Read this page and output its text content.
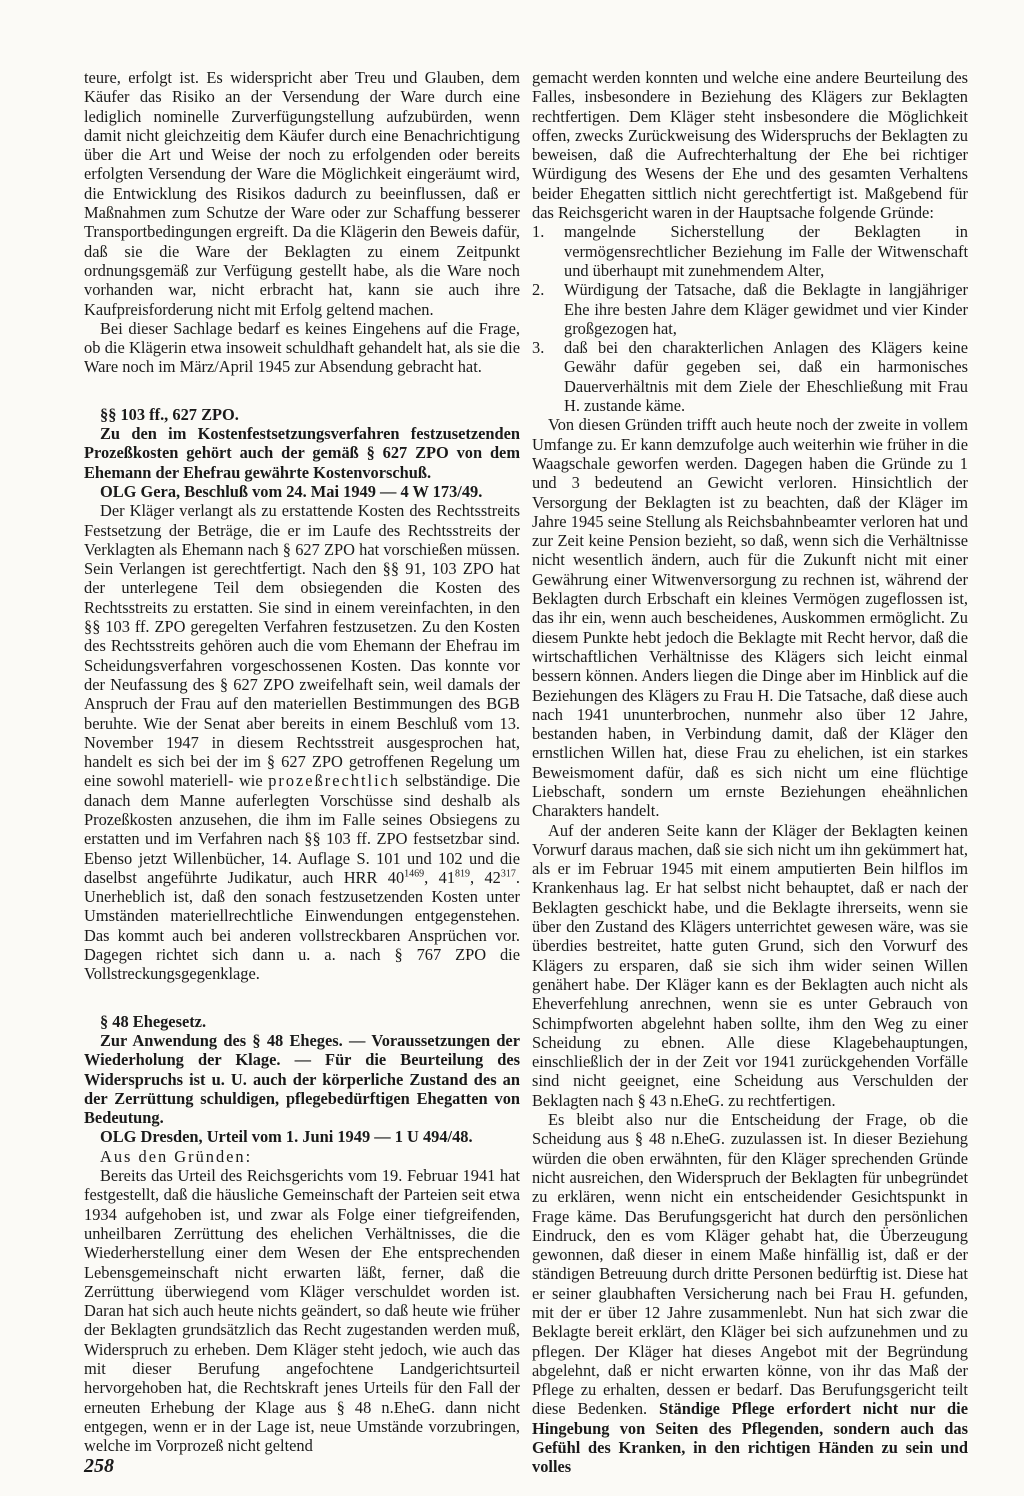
teure, erfolgt ist. Es widerspricht aber Treu und Glauben, dem Käufer das Risiko an der Versendung der Ware durch eine lediglich nominelle Zurverfügungstellung aufzubürden, wenn damit nicht gleichzeitig dem Käufer durch eine Benachrichtigung über die Art und Weise der noch zu erfolgenden oder bereits erfolgten Versendung der Ware die Möglichkeit eingeräumt wird, die Entwicklung des Risikos dadurch zu beeinflussen, daß er Maßnahmen zum Schutze der Ware oder zur Schaffung besserer Transportbedingungen ergreift. Da die Klägerin den Beweis dafür, daß sie die Ware der Beklagten zu einem Zeitpunkt ordnungsgemäß zur Verfügung gestellt habe, als die Ware noch vorhanden war, nicht erbracht hat, kann sie auch ihre Kaufpreisforderung nicht mit Erfolg geltend machen.

Bei dieser Sachlage bedarf es keines Eingehens auf die Frage, ob die Klägerin etwa insoweit schuldhaft gehandelt hat, als sie die Ware noch im März/April 1945 zur Absendung gebracht hat.

§§ 103 ff., 627 ZPO.

Zu den im Kostenfestsetzungsverfahren festzusetzenden Prozeßkosten gehört auch der gemäß § 627 ZPO von dem Ehemann der Ehefrau gewährte Kostenvorschuß.

OLG Gera, Beschluß vom 24. Mai 1949 — 4 W 173/49.

Der Kläger verlangt als zu erstattende Kosten des Rechtsstreits Festsetzung der Beträge, die er im Laufe des Rechtsstreits der Verklagten als Ehemann nach § 627 ZPO hat vorschießen müssen. Sein Verlangen ist gerechtfertigt. Nach den §§ 91, 103 ZPO hat der unterlegene Teil dem obsiegenden die Kosten des Rechtsstreits zu erstatten. Sie sind in einem vereinfachten, in den §§ 103 ff. ZPO geregelten Verfahren festzusetzen. Zu den Kosten des Rechtsstreits gehören auch die vom Ehemann der Ehefrau im Scheidungsverfahren vorgeschossenen Kosten. Das konnte vor der Neufassung des § 627 ZPO zweifelhaft sein, weil damals der Anspruch der Frau auf den materiellen Bestimmungen des BGB beruhte. Wie der Senat aber bereits in einem Beschluß vom 13. November 1947 in diesem Rechtsstreit ausgesprochen hat, handelt es sich bei der im § 627 ZPO getroffenen Regelung um eine sowohl materiell- wie prozeßrechtlich selbständige. Die danach dem Manne auferlegten Vorschüsse sind deshalb als Prozeßkosten anzusehen, die ihm im Falle seines Obsiegens zu erstatten und im Verfahren nach §§ 103 ff. ZPO festsetzbar sind. Ebenso jetzt Willenbücher, 14. Auflage S. 101 und 102 und die daselbst angeführte Judikatur, auch HRR $40^{1469}$, $41^{819}$, $42^{317}$. Unerheblich ist, daß den sonach festzusetzenden Kosten unter Umständen materiellrechtliche Einwendungen entgegenstehen. Das kommt auch bei anderen vollstreckbaren Ansprüchen vor. Dagegen richtet sich dann u. a. nach § 767 ZPO die Vollstreckungsgegenklage.

§ 48 Ehegesetz.

Zur Anwendung des § 48 Eheges. — Voraussetzungen der Wiederholung der Klage. — Für die Beurteilung des Widerspruchs ist u. U. auch der körperliche Zustand des an der Zerrüttung schuldigen, pflegebedürftigen Ehegatten von Bedeutung.

OLG Dresden, Urteil vom 1. Juni 1949 — 1 U 494/48.

Aus den Gründen:

Bereits das Urteil des Reichsgerichts vom 19. Februar 1941 hat festgestellt, daß die häusliche Gemeinschaft der Parteien seit etwa 1934 aufgehoben ist, und zwar als Folge einer tiefgreifenden, unheilbaren Zerrüttung des ehelichen Verhältnisses, die die Wiederherstellung einer dem Wesen der Ehe entsprechenden Lebensgemeinschaft nicht erwarten läßt, ferner, daß die Zerrüttung überwiegend vom Kläger verschuldet worden ist. Daran hat sich auch heute nichts geändert, so daß heute wie früher der Beklagten grundsätzlich das Recht zugestanden werden muß, Widerspruch zu erheben. Dem Kläger steht jedoch, wie auch das mit dieser Berufung angefochtene Landgerichtsurteil hervorgehoben hat, die Rechtskraft jenes Urteils für den Fall der erneuten Erhebung der Klage aus § 48 n.EheG. dann nicht entgegen, wenn er in der Lage ist, neue Umstände vorzubringen, welche im Vorprozeß nicht geltend

gemacht werden konnten und welche eine andere Beurteilung des Falles, insbesondere in Beziehung des Klägers zur Beklagten rechtfertigen. Dem Kläger steht insbesondere die Möglichkeit offen, zwecks Zurückweisung des Widerspruchs der Beklagten zu beweisen, daß die Aufrechterhaltung der Ehe bei richtiger Würdigung des Wesens der Ehe und des gesamten Verhaltens beider Ehegatten sittlich nicht gerechtfertigt ist. Maßgebend für das Reichsgericht waren in der Hauptsache folgende Gründe:

1. mangelnde Sicherstellung der Beklagten in vermögensrechtlicher Beziehung im Falle der Witwenschaft und überhaupt mit zunehmendem Alter,
2. Würdigung der Tatsache, daß die Beklagte in langjähriger Ehe ihre besten Jahre dem Kläger gewidmet und vier Kinder großgezogen hat,
3. daß bei den charakterlichen Anlagen des Klägers keine Gewähr dafür gegeben sei, daß ein harmonisches Dauerverhältnis mit dem Ziele der Eheschließung mit Frau H. zustande käme.

Von diesen Gründen trifft auch heute noch der zweite in vollem Umfange zu. Er kann demzufolge auch weiterhin wie früher in die Waagschale geworfen werden. Dagegen haben die Gründe zu 1 und 3 bedeutend an Gewicht verloren. Hinsichtlich der Versorgung der Beklagten ist zu beachten, daß der Kläger im Jahre 1945 seine Stellung als Reichsbahnbeamter verloren hat und zur Zeit keine Pension bezieht, so daß, wenn sich die Verhältnisse nicht wesentlich ändern, auch für die Zukunft nicht mit einer Gewährung einer Witwenversorgung zu rechnen ist, während der Beklagten durch Erbschaft ein kleines Vermögen zugeflossen ist, das ihr ein, wenn auch bescheidenes, Auskommen ermöglicht. Zu diesem Punkte hebt jedoch die Beklagte mit Recht hervor, daß die wirtschaftlichen Verhältnisse des Klägers sich leicht einmal bessern können. Anders liegen die Dinge aber im Hinblick auf die Beziehungen des Klägers zu Frau H. Die Tatsache, daß diese auch nach 1941 ununterbrochen, nunmehr also über 12 Jahre, bestanden haben, in Verbindung damit, daß der Kläger den ernstlichen Willen hat, diese Frau zu ehelichen, ist ein starkes Beweismoment dafür, daß es sich nicht um eine flüchtige Liebschaft, sondern um ernste Beziehungen eheähnlichen Charakters handelt.

Auf der anderen Seite kann der Kläger der Beklagten keinen Vorwurf daraus machen, daß sie sich nicht um ihn gekümmert hat, als er im Februar 1945 mit einem amputierten Bein hilflos im Krankenhaus lag. Er hat selbst nicht behauptet, daß er nach der Beklagten geschickt habe, und die Beklagte ihrerseits, wenn sie über den Zustand des Klägers unterrichtet gewesen wäre, was sie überdies bestreitet, hatte guten Grund, sich den Vorwurf des Klägers zu ersparen, daß sie sich ihm wider seinen Willen genähert habe. Der Kläger kann es der Beklagten auch nicht als Eheverfehlung anrechnen, wenn sie es unter Gebrauch von Schimpfworten abgelehnt haben sollte, ihm den Weg zu einer Scheidung zu ebnen. Alle diese Klagebehauptungen, einschließlich der in der Zeit vor 1941 zurückgehenden Vorfälle sind nicht geeignet, eine Scheidung aus Verschulden der Beklagten nach § 43 n.EheG. zu rechtfertigen.

Es bleibt also nur die Entscheidung der Frage, ob die Scheidung aus § 48 n.EheG. zuzulassen ist. In dieser Beziehung würden die oben erwähnten, für den Kläger sprechenden Gründe nicht ausreichen, den Widerspruch der Beklagten für unbegründet zu erklären, wenn nicht ein entscheidender Gesichtspunkt in Frage käme. Das Berufungsgericht hat durch den persönlichen Eindruck, den es vom Kläger gehabt hat, die Überzeugung gewonnen, daß dieser in einem Maße hinfällig ist, daß er der ständigen Betreuung durch dritte Personen bedürftig ist. Diese hat er seiner glaubhaften Versicherung nach bei Frau H. gefunden, mit der er über 12 Jahre zusammenlebt. Nun hat sich zwar die Beklagte bereit erklärt, den Kläger bei sich aufzunehmen und zu pflegen. Der Kläger hat dieses Angebot mit der Begründung abgelehnt, daß er nicht erwarten könne, von ihr das Maß der Pflege zu erhalten, dessen er bedarf. Das Berufungsgericht teilt diese Bedenken. Ständige Pflege erfordert nicht nur die Hingebung von Seiten des Pflegenden, sondern auch das Gefühl des Kranken, in den richtigen Händen zu sein und volles

258
